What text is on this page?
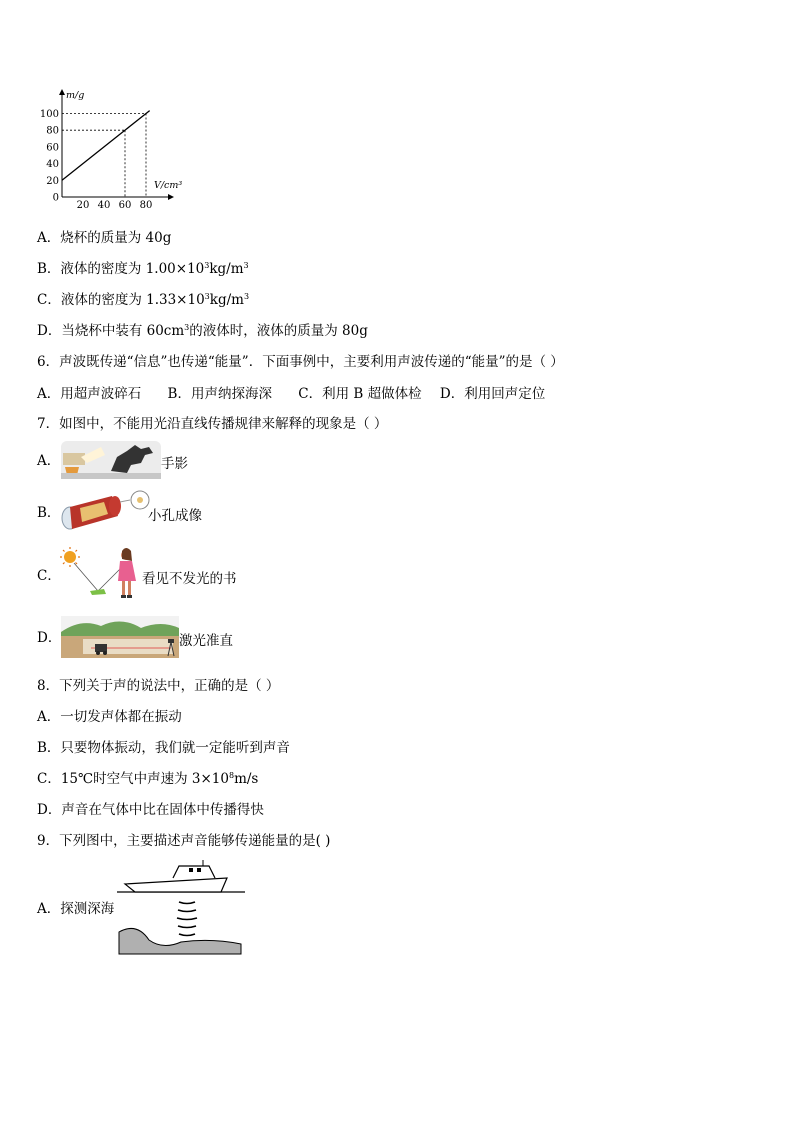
100
80
60
40
20
0
20 40 60 80
m/g
V/cm³
A．烧杯的质量为 40g
B．液体的密度为 $1.00\times 10^3kg/m^3$
C．液体的密度为 $1.33\times 10^3kg/m^3$
D．当烧杯中装有 $60cm^3$的液体时，液体的质量为 80g
6．声波既传递“信息”也传递“能量”．下面事例中，主要利用声波传递的“能量”的是（ ）
A．用超声波碎石 B．用声纳探海深 C．利用 B 超做体检 D．利用回声定位
7．如图中，不能用光沿直线传播规律来解释的现象是（ ）
A．	手影
B．	小孔成像
C．	看见不发光的书
D．	激光准直
8．下列关于声的说法中，正确的是（ ）
A．一切发声体都在振动
B．只要物体振动，我们就一定能听到声音
C．15℃时空气中声速为 $3\times 10^8m/s$
D．声音在气体中比在固体中传播得快
9．下列图中，主要描述声音能够传递能量的是( )
A．探测深海
